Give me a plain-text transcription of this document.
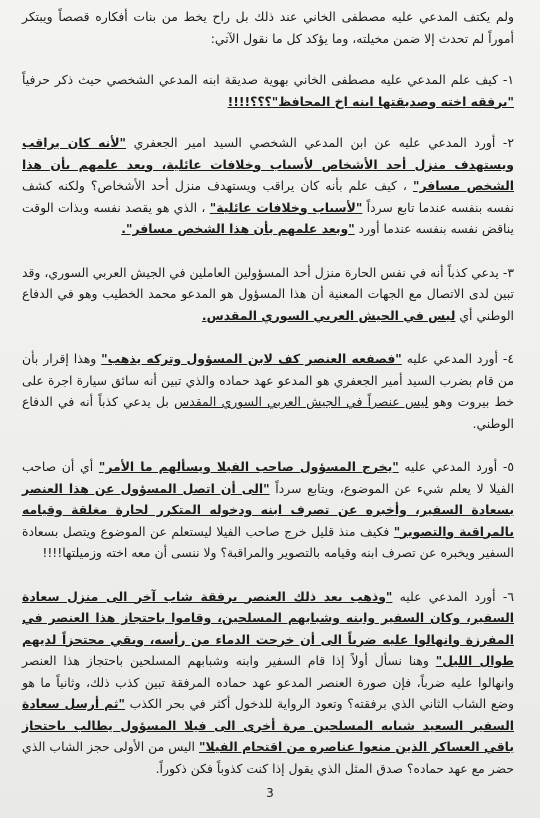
ولم يكتف المدعي عليه مصطفى الخاني عند ذلك بل راح يخط من بنات أفكاره قصصاً ويبتكر أموراً لم تحدث إلا ضمن مخيلته، وما يؤكد كل ما نقول الآتي:

١- كيف علم المدعي عليه مصطفى الخاني بهوية صديقة ابنه المدعي الشخصي حيث ذكر حرفياً "برفقه اخته وصديقتها ابنه اخ المحافظ"؟؟؟!!!!

٢- أورد المدعي عليه عن ابن المدعي الشخصي السيد امير الجعفري "لأنه كان يراقب ويستهدف منزل أحد الأشخاص لأسباب وخلافات عائلية، وبعد علمهم بأن هذا الشخص مسافر" ، كيف علم بأنه كان يراقب ويستهدف منزل أحد الأشخاص؟ ولكنه كشف نفسه بنفسه عندما تابع سرداً "لأسباب وخلافات عائلية" ، الذي هو يقصد نفسه وبذات الوقت يناقض نفسه بنفسه عندما أورد "وبعد علمهم بأن هذا الشخص مسافر".

٣- يدعي كذباً أنه في نفس الحارة منزل أحد المسؤولين العاملين في الجيش العربي السوري، وقد تبين لدى الاتصال مع الجهات المعنية أن هذا المسؤول هو المدعو محمد الخطيب وهو في الدفاع الوطني أي ليس في الجيش العربي السوري المقدس.

٤- أورد المدعي عليه "فصفعه العنصر كف لابن المسؤول وتركه يذهب" وهذا إقرار بأن من قام بضرب السيد أمير الجعفري هو المدعو عهد حماده والذي تبين أنه سائق سيارة اجرة على خط بيروت وهو ليس عنصراً في الجيش العربي السوري المقدس بل يدعي كذباً أنه في الدفاع الوطني.

٥- أورد المدعي عليه "يخرج المسؤول صاحب الفيلا ويسألهم ما الأمر" أي أن صاحب الفيلا لا يعلم شيء عن الموضوع، ويتابع سرداً "الى أن اتصل المسؤول عن هذا العنصر بسعادة السفير، وأخبره عن تصرف ابنه ودخوله المتكرر لحارة مغلقة وقيامه بالمراقبة والتصوير" فكيف منذ قليل خرج صاحب الفيلا ليستعلم عن الموضوع ويتصل بسعادة السفير ويخبره عن تصرف ابنه وقيامه بالتصوير والمراقبة؟ ولا ننسى أن معه اخته وزميلتها!!!!

٦- أورد المدعي عليه "وذهب بعد ذلك العنصر برفقة شاب آخر الى منزل سعادة السفير، وكان السفير وابنه وشبابهم المسلحين، وقاموا باحتجاز هذا العنصر في المفرزة وانهالوا عليه ضرباً الى أن خرجت الدماء من رأسه، وبقي محتجزاً لديهم طوال الليل" وهنا نسأل أولاً إذا قام السفير وابنه وشبابهم المسلحين باحتجاز هذا العنصر وانهالوا عليه ضرباً، فإن صورة العنصر المدعو عهد حماده المرفقة تبين كذب ذلك، وثانياً ما هو وضع الشاب الثاني الذي برفقته؟ وتعود الرواية للدخول أكثر في بحر الكذب "ثم أرسل سعادة السفير السعيد شبابه المسلحين مرة أخرى الى فيلا المسؤول يطالب باحتجاز باقي العساكر الذين منعوا عناصره من اقتحام الفيلا" اليس من الأولى حجز الشاب الذي حضر مع عهد حماده؟ صدق المثل الذي يقول إذا كنت كذوباً فكن ذكوراً.

3
